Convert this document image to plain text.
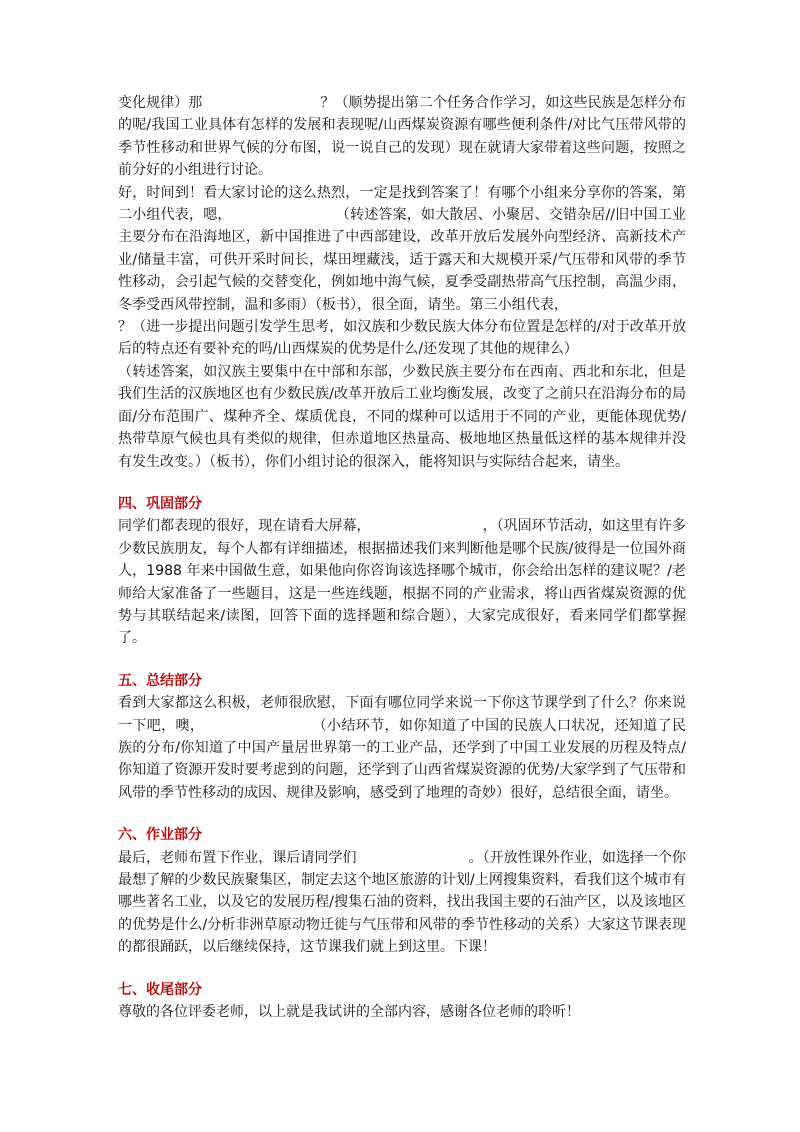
变化规律）那	？（顺势提出第二个任务合作学习，如这些民族是怎样分布的呢/我国工业具体有怎样的发展和表现呢/山西煤炭资源有哪些便利条件/对比气压带风带的季节性移动和世界气候的分布图，说一说自己的发现）现在就请大家带着这些问题，按照之前分好的小组进行讨论。

好，时间到！看大家讨论的这么热烈，一定是找到答案了！有哪个小组来分享你的答案，第二小组代表，嗯，	（转述答案，如大散居、小聚居、交错杂居//旧中国工业主要分布在沿海地区，新中国推进了中西部建设，改革开放后发展外向型经济、高新技术产业/储量丰富，可供开采时间长，煤田埋藏浅，适于露天和大规模开采/气压带和风带的季节性移动，会引起气候的交替变化，例如地中海气候，夏季受副热带高气压控制，高温少雨，冬季受西风带控制，温和多雨）（板书），很全面，请坐。第三小组代表，？（进一步提出问题引发学生思考，如汉族和少数民族大体分布位置是怎样的/对于改革开放后的特点还有要补充的吗/山西煤炭的优势是什么/还发现了其他的规律么）（转述答案，如汉族主要集中在中部和东部，少数民族主要分布在西南、西北和东北，但是我们生活的汉族地区也有少数民族/改革开放后工业均衡发展，改变了之前只在沿海分布的局面/分布范围广、煤种齐全、煤质优良，不同的煤种可以适用于不同的产业，更能体现优势/热带草原气候也具有类似的规律，但赤道地区热量高、极地地区热量低这样的基本规律并没有发生改变。）（板书），你们小组讨论的很深入，能将知识与实际结合起来，请坐。

四、巩固部分

同学们都表现的很好，现在请看大屏幕，	，（巩固环节活动，如这里有许多少数民族朋友，每个人都有详细描述，根据描述我们来判断他是哪个民族/彼得是一位国外商人，1988 年来中国做生意，如果他向你咨询该选择哪个城市，你会给出怎样的建议呢？/老师给大家准备了一些题目，这是一些连线题，根据不同的产业需求，将山西省煤炭资源的优势与其联结起来/读图，回答下面的选择题和综合题），大家完成很好，看来同学们都掌握了。

五、总结部分

看到大家都这么积极，老师很欣慰，下面有哪位同学来说一下你这节课学到了什么？你来说一下吧，噢，	（小结环节，如你知道了中国的民族人口状况，还知道了民族的分布/你知道了中国产量居世界第一的工业产品，还学到了中国工业发展的历程及特点/你知道了资源开发时要考虑到的问题，还学到了山西省煤炭资源的优势/大家学到了气压带和风带的季节性移动的成因、规律及影响，感受到了地理的奇妙）很好，总结很全面，请坐。

六、作业部分

最后，老师布置下作业，课后请同学们	。（开放性课外作业，如选择一个你最想了解的少数民族聚集区，制定去这个地区旅游的计划/上网搜集资料，看我们这个城市有哪些著名工业，以及它的发展历程/搜集石油的资料，找出我国主要的石油产区，以及该地区的优势是什么/分析非洲草原动物迁徙与气压带和风带的季节性移动的关系）大家这节课表现的都很踊跃，以后继续保持，这节课我们就上到这里。下课！

七、收尾部分

尊敬的各位评委老师，以上就是我试讲的全部内容，感谢各位老师的聆听！
